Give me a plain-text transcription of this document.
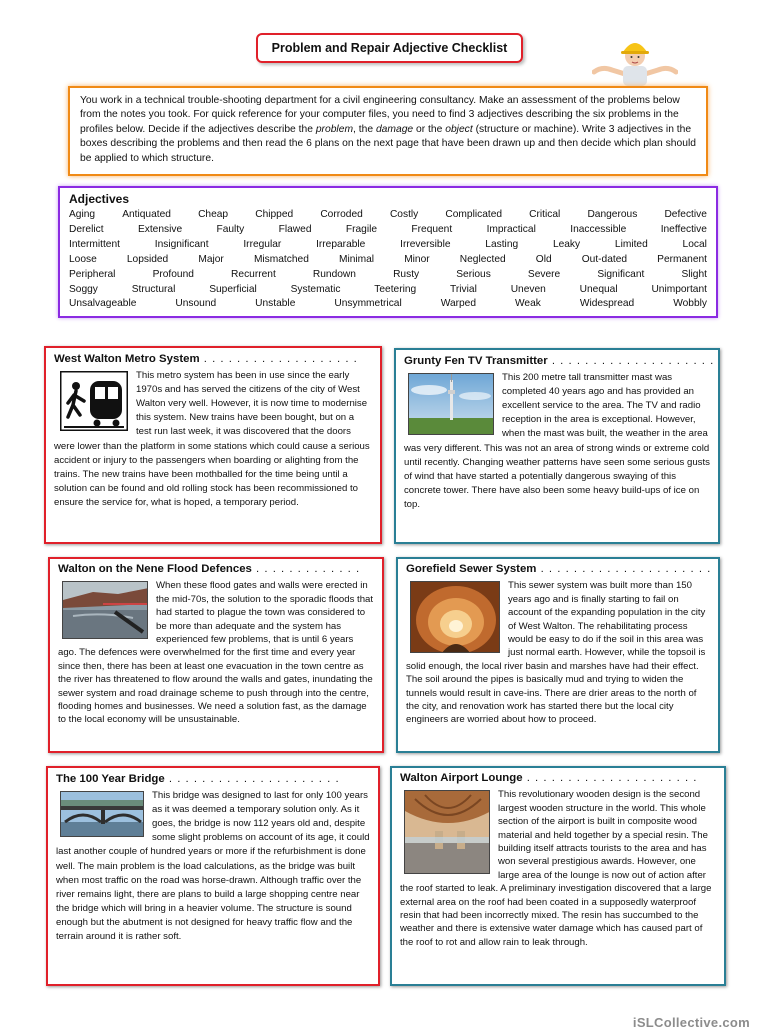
Problem and Repair Adjective Checklist
You work in a technical trouble-shooting department for a civil engineering consultancy. Make an assessment of the problems below from the notes you took. For quick reference for your computer files, you need to find 3 adjectives describing the six problems in the profiles below. Decide if the adjectives describe the problem, the damage or the object (structure or machine). Write 3 adjectives in the boxes describing the problems and then read the 6 plans on the next page that have been drawn up and then decide which plan should be applied to which structure.
Adjectives
Aging	Antiquated	Cheap	Chipped	Corroded	Costly	Complicated	Critical	Dangerous	Defective
Derelict	Extensive	Faulty	Flawed	Fragile	Frequent	Impractical	Inaccessible	Ineffective
Intermittent	Insignificant	Irregular	Irreparable	Irreversible	Lasting	Leaky	Limited	Local
Loose	Lopsided	Major	Mismatched	Minimal	Minor	Neglected	Old	Out-dated	Permanent
Peripheral	Profound	Recurrent	Rundown	Rusty	Serious	Severe	Significant	Slight
Soggy	Structural	Superficial	Systematic	Teetering	Trivial	Uneven	Unequal	Unimportant
Unsalvageable	Unsound	Unstable	Unsymmetrical	Warped	Weak	Widespread	Wobbly
West Walton Metro System . . . . . . . . . . . . . . . . . . .
This metro system has been in use since the early 1970s and has served the citizens of the city of West Walton very well. However, it is now time to modernise this system. New trains have been bought, but on a test run last week, it was discovered that the doors were lower than the platform in some stations which could cause a serious accident or injury to the passengers when boarding or alighting from the trains. The new trains have been mothballed for the time being until a solution can be found and old rolling stock has been recommissioned to ensure the service for, what is hoped, a temporary period.
Grunty Fen TV Transmitter . . . . . . . . . . . . . . . . . . . .
This 200 metre tall transmitter mast was completed 40 years ago and has provided an excellent service to the area. The TV and radio reception in the area is exceptional. However, when the mast was built, the weather in the area was very different. This was not an area of strong winds or extreme cold until recently. Changing weather patterns have seen some serious gusts of wind that have started a potentially dangerous swaying of this concrete tower. There have also been some heavy build-ups of ice on top.
Walton on the Nene Flood Defences . . . . . . . . . . . . .
When these flood gates and walls were erected in the mid-70s, the solution to the sporadic floods that had started to plague the town was considered to be more than adequate and the system has experienced few problems, that is until 6 years ago. The defences were overwhelmed for the first time and every year since then, there has been at least one evacuation in the town centre as the river has threatened to flow around the walls and gates, inundating the sewer system and road drainage scheme to push through into the centre, flooding homes and businesses. We need a solution fast, as the damage to the local economy will be unsustainable.
Gorefield Sewer System . . . . . . . . . . . . . . . . . . . . .
This sewer system was built more than 150 years ago and is finally starting to fail on account of the expanding population in the city of West Walton. The rehabilitating process would be easy to do if the soil in this area was just normal earth. However, while the topsoil is solid enough, the local river basin and marshes have had their effect. The soil around the pipes is basically mud and trying to widen the tunnels would result in cave-ins. There are drier areas to the north of the city, and renovation work has started there but the local city engineers are worried about how to proceed.
The 100 Year Bridge . . . . . . . . . . . . . . . . . . . . .
This bridge was designed to last for only 100 years as it was deemed a temporary solution only. As it goes, the bridge is now 112 years old and, despite some slight problems on account of its age, it could last another couple of hundred years or more if the refurbishment is done well. The main problem is the load calculations, as the bridge was built when most traffic on the road was horse-drawn. Although traffic over the river remains light, there are plans to build a large shopping centre near the bridge which will bring in a heavier volume. The structure is sound enough but the abutment is not designed for heavy traffic flow and the terrain around it is rather soft.
Walton Airport Lounge . . . . . . . . . . . . . . . . . . . . .
This revolutionary wooden design is the second largest wooden structure in the world. This whole section of the airport is built in composite wood material and held together by a special resin. The building itself attracts tourists to the area and has won several prestigious awards. However, one large area of the lounge is now out of action after the roof started to leak. A preliminary investigation discovered that a large external area on the roof had been coated in a supposedly waterproof resin that had been incorrectly mixed. The resin has succumbed to the weather and there is extensive water damage which has caused part of the roof to rot and allow rain to leak through.
iSLCollective.com
